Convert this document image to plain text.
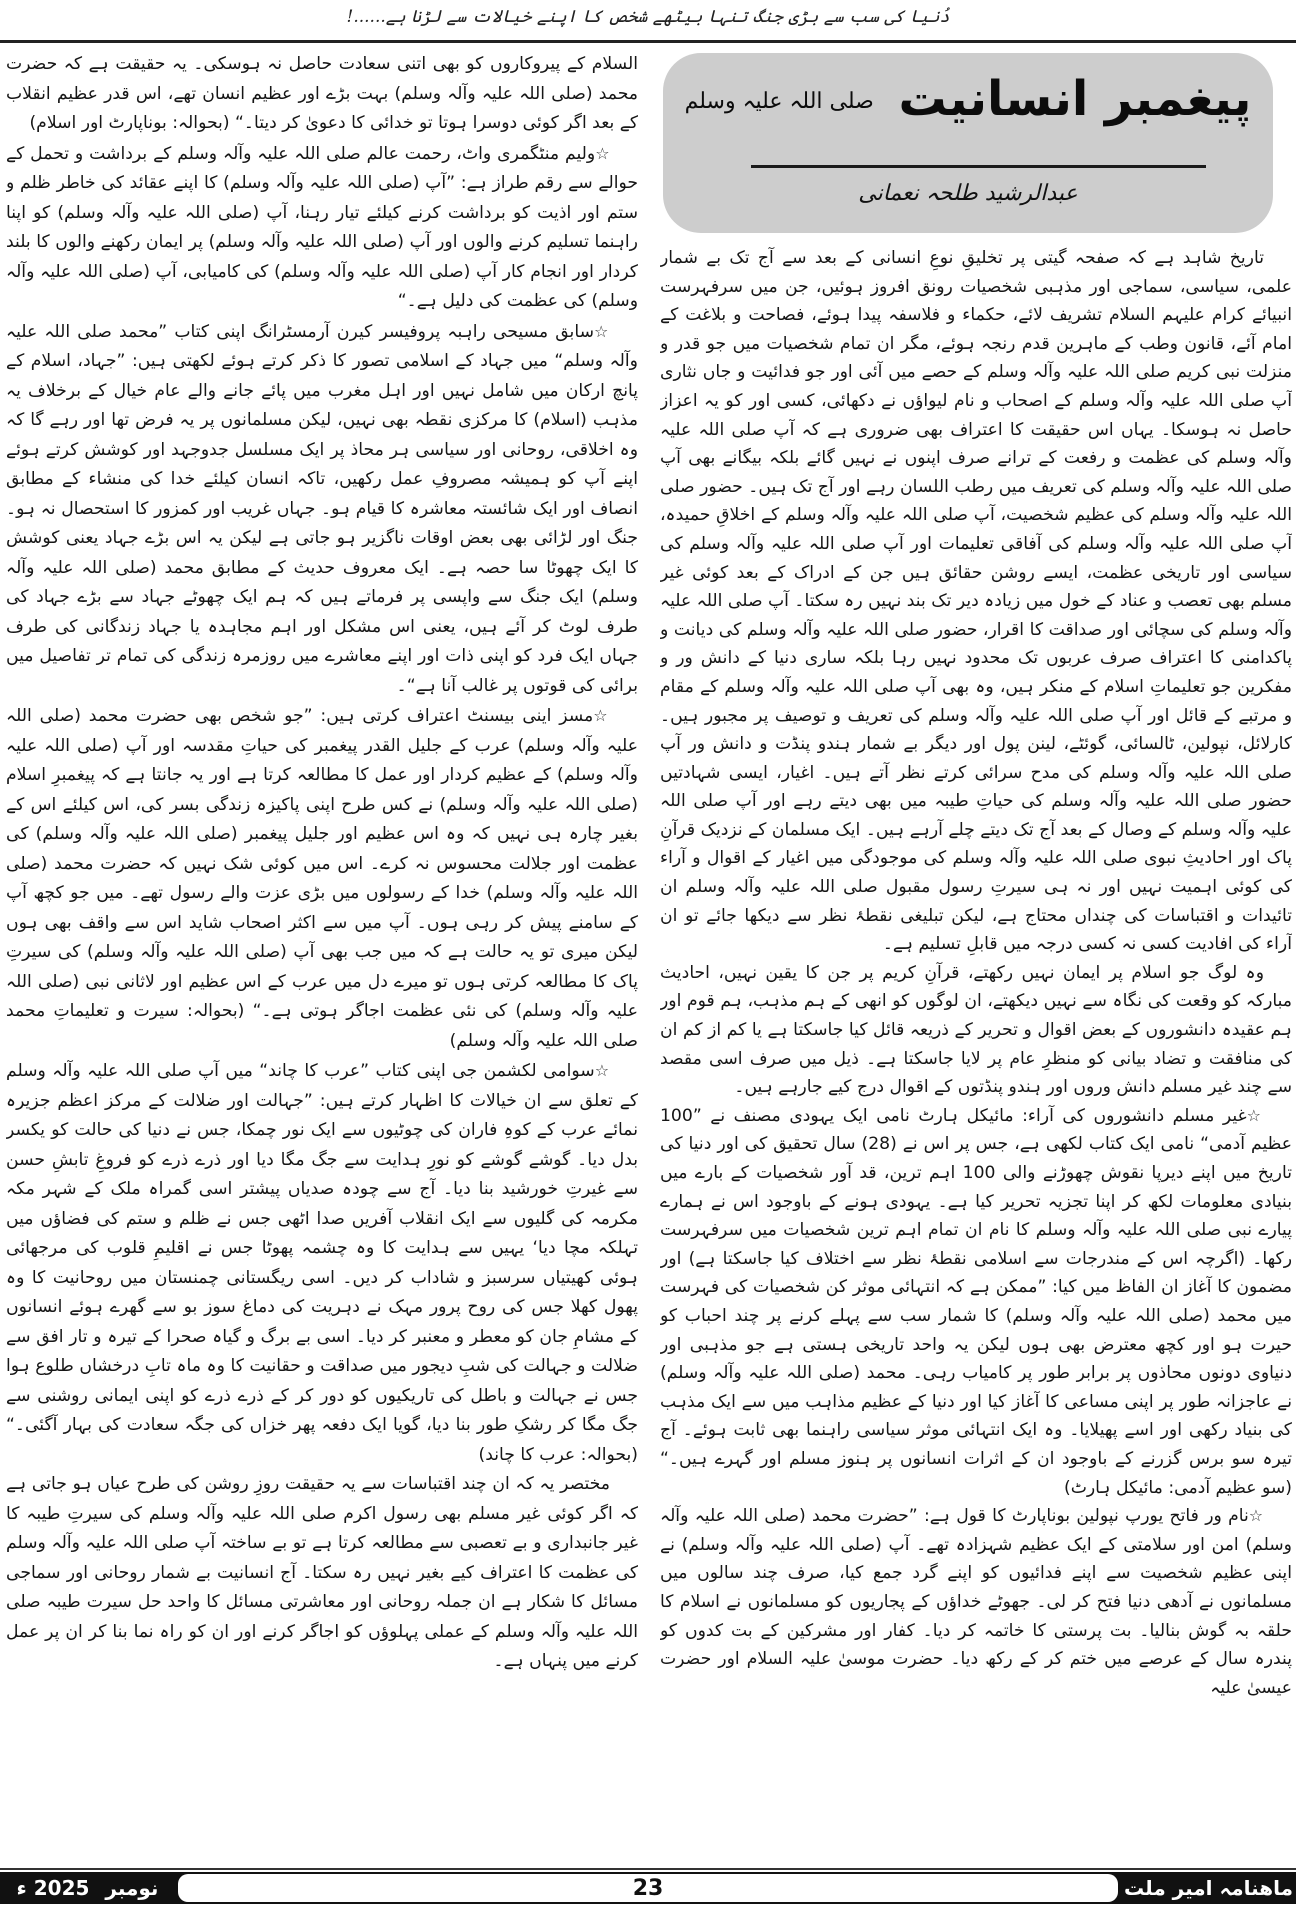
دُنیا کی سب سے بڑی جنگ تنہا بیٹھے شخص کا اپنے خیالات سے لڑنا ہے......!
پیغمبر انسانیت صلی اللہ علیہ وسلم
عبدالرشید طلحہ نعمانی

تاریخ شاہد ہے کہ صفحہ گیتی پر تخلیقِ نوعِ انسانی کے بعد سے آج تک بے شمار علمی، سیاسی، سماجی اور مذہبی شخصیات رونق افروز ہوئیں، جن میں سرفہرست انبیائے کرام علیہم السلام تشریف لائے، حکماء و فلاسفہ پیدا ہوئے، فصاحت و بلاغت کے امام آئے، قانون وطب کے ماہرین قدم رنجہ ہوئے، مگر ان تمام شخصیات میں جو قدر و منزلت نبی کریم صلی اللہ علیہ وآلہ وسلم کے حصے میں آئی اور جو فدائیت و جاں نثاری آپ صلی اللہ علیہ وآلہ وسلم کے اصحاب و نام لیواؤں نے دکھائی، کسی اور کو یہ اعزاز حاصل نہ ہوسکا۔ یہاں اس حقیقت کا اعتراف بھی ضروری ہے کہ آپ صلی اللہ علیہ وآلہ وسلم کی عظمت و رفعت کے ترانے صرف اپنوں نے نہیں گائے بلکہ بیگانے بھی آپ صلی اللہ علیہ وآلہ وسلم کی تعریف میں رطب اللسان رہے اور آج تک ہیں۔ حضور صلی اللہ علیہ وآلہ وسلم کی عظیم شخصیت، آپ صلی اللہ علیہ وآلہ وسلم کے اخلاقِ حمیدہ، آپ صلی اللہ علیہ وآلہ وسلم کی آفاقی تعلیمات اور آپ صلی اللہ علیہ وآلہ وسلم کی سیاسی اور تاریخی عظمت، ایسے روشن حقائق ہیں جن کے ادراک کے بعد کوئی غیر مسلم بھی تعصب و عناد کے خول میں زیادہ دیر تک بند نہیں رہ سکتا۔ آپ صلی اللہ علیہ وآلہ وسلم کی سچائی اور صداقت کا اقرار، حضور صلی اللہ علیہ وآلہ وسلم کی دیانت و پاکدامنی کا اعتراف صرف عربوں تک محدود نہیں رہا بلکہ ساری دنیا کے دانش ور و مفکرین جو تعلیماتِ اسلام کے منکر ہیں، وہ بھی آپ صلی اللہ علیہ وآلہ وسلم کے مقام و مرتبے کے قائل اور آپ صلی اللہ علیہ وآلہ وسلم کی تعریف و توصیف پر مجبور ہیں۔ کارلائل، نپولین، ٹالسائی، گوئٹے، لینن پول اور دیگر بے شمار ہندو پنڈت و دانش ور آپ صلی اللہ علیہ وآلہ وسلم کی مدح سرائی کرتے نظر آتے ہیں۔ اغیار، ایسی شہادتیں حضور صلی اللہ علیہ وآلہ وسلم کی حیاتِ طیبہ میں بھی دیتے رہے اور آپ صلی اللہ علیہ وآلہ وسلم کے وصال کے بعد آج تک دیتے چلے آرہے ہیں۔ ایک مسلمان کے نزدیک قرآنِ پاک اور احادیثِ نبوی صلی اللہ علیہ وآلہ وسلم کی موجودگی میں اغیار کے اقوال و آراء کی کوئی اہمیت نہیں اور نہ ہی سیرتِ رسول مقبول صلی اللہ علیہ وآلہ وسلم ان تائیدات و اقتباسات کی چنداں محتاج ہے، لیکن تبلیغی نقطۂ نظر سے دیکھا جائے تو ان آراء کی افادیت کسی نہ کسی درجہ میں قابلِ تسلیم ہے۔

وہ لوگ جو اسلام پر ایمان نہیں رکھتے، قرآنِ کریم پر جن کا یقین نہیں، احادیث مبارکہ کو وقعت کی نگاہ سے نہیں دیکھتے، ان لوگوں کو انھی کے ہم مذہب، ہم قوم اور ہم عقیدہ دانشوروں کے بعض اقوال و تحریر کے ذریعہ قائل کیا جاسکتا ہے یا کم از کم ان کی منافقت و تضاد بیانی کو منظرِ عام پر لایا جاسکتا ہے۔ ذیل میں صرف اسی مقصد سے چند غیر مسلم دانش وروں اور ہندو پنڈتوں کے اقوال درج کیے جارہے ہیں۔

☆غیر مسلم دانشوروں کی آراء: مائیکل ہارٹ نامی ایک یہودی مصنف نے ”100 عظیم آدمی“ نامی ایک کتاب لکھی ہے، جس پر اس نے (28) سال تحقیق کی اور دنیا کی تاریخ میں اپنے دیرپا نقوش چھوڑنے والی 100 اہم ترین، قد آور شخصیات کے بارے میں بنیادی معلومات لکھ کر اپنا تجزیہ تحریر کیا ہے۔ یہودی ہونے کے باوجود اس نے ہمارے پیارے نبی صلی اللہ علیہ وآلہ وسلم کا نام ان تمام اہم ترین شخصیات میں سرفہرست رکھا۔ (اگرچہ اس کے مندرجات سے اسلامی نقطۂ نظر سے اختلاف کیا جاسکتا ہے) اور مضمون کا آغاز ان الفاظ میں کیا: ”ممکن ہے کہ انتہائی موثر کن شخصیات کی فہرست میں محمد (صلی اللہ علیہ وآلہ وسلم) کا شمار سب سے پہلے کرنے پر چند احباب کو حیرت ہو اور کچھ معترض بھی ہوں لیکن یہ واحد تاریخی ہستی ہے جو مذہبی اور دنیاوی دونوں محاذوں پر برابر طور پر کامیاب رہی۔ محمد (صلی اللہ علیہ وآلہ وسلم) نے عاجزانہ طور پر اپنی مساعی کا آغاز کیا اور دنیا کے عظیم مذاہب میں سے ایک مذہب کی بنیاد رکھی اور اسے پھیلایا۔ وہ ایک انتہائی موثر سیاسی راہنما بھی ثابت ہوئے۔ آج تیرہ سو برس گزرنے کے باوجود ان کے اثرات انسانوں پر ہنوز مسلم اور گہرے ہیں۔“ (سو عظیم آدمی: مائیکل ہارٹ)

☆نام ور فاتح یورپ نپولین بوناپارٹ کا قول ہے: ”حضرت محمد (صلی اللہ علیہ وآلہ وسلم) امن اور سلامتی کے ایک عظیم شہزادہ تھے۔ آپ (صلی اللہ علیہ وآلہ وسلم) نے اپنی عظیم شخصیت سے اپنے فدائیوں کو اپنے گرد جمع کیا، صرف چند سالوں میں مسلمانوں نے آدھی دنیا فتح کر لی۔ جھوٹے خداؤں کے پجاریوں کو مسلمانوں نے اسلام کا حلقہ بہ گوش بنالیا۔ بت پرستی کا خاتمہ کر دیا۔ کفار اور مشرکین کے بت کدوں کو پندرہ سال کے عرصے میں ختم کر کے رکھ دیا۔ حضرت موسیٰ علیہ السلام اور حضرت عیسیٰ علیہ

السلام کے پیروکاروں کو بھی اتنی سعادت حاصل نہ ہوسکی۔ یہ حقیقت ہے کہ حضرت محمد (صلی اللہ علیہ وآلہ وسلم) بہت بڑے اور عظیم انسان تھے، اس قدر عظیم انقلاب کے بعد اگر کوئی دوسرا ہوتا تو خدائی کا دعویٰ کر دیتا۔“ (بحوالہ: بوناپارٹ اور اسلام)

☆ولیم منٹگمری واٹ، رحمت عالم صلی اللہ علیہ وآلہ وسلم کے برداشت و تحمل کے حوالے سے رقم طراز ہے: ”آپ (صلی اللہ علیہ وآلہ وسلم) کا اپنے عقائد کی خاطر ظلم و ستم اور اذیت کو برداشت کرنے کیلئے تیار رہنا، آپ (صلی اللہ علیہ وآلہ وسلم) کو اپنا راہنما تسلیم کرنے والوں اور آپ (صلی اللہ علیہ وآلہ وسلم) پر ایمان رکھنے والوں کا بلند کردار اور انجام کار آپ (صلی اللہ علیہ وآلہ وسلم) کی کامیابی، آپ (صلی اللہ علیہ وآلہ وسلم) کی عظمت کی دلیل ہے۔“

☆سابق مسیحی راہبہ پروفیسر کیرن آرمسٹرانگ اپنی کتاب ”محمد صلی اللہ علیہ وآلہ وسلم“ میں جہاد کے اسلامی تصور کا ذکر کرتے ہوئے لکھتی ہیں: ”جہاد، اسلام کے پانچ ارکان میں شامل نہیں اور اہل مغرب میں پائے جانے والے عام خیال کے برخلاف یہ مذہب (اسلام) کا مرکزی نقطہ بھی نہیں، لیکن مسلمانوں پر یہ فرض تھا اور رہے گا کہ وہ اخلاقی، روحانی اور سیاسی ہر محاذ پر ایک مسلسل جدوجہد اور کوشش کرتے ہوئے اپنے آپ کو ہمیشہ مصروفِ عمل رکھیں، تاکہ انسان کیلئے خدا کی منشاء کے مطابق انصاف اور ایک شائستہ معاشرہ کا قیام ہو۔ جہاں غریب اور کمزور کا استحصال نہ ہو۔ جنگ اور لڑائی بھی بعض اوقات ناگزیر ہو جاتی ہے لیکن یہ اس بڑے جہاد یعنی کوشش کا ایک چھوٹا سا حصہ ہے۔ ایک معروف حدیث کے مطابق محمد (صلی اللہ علیہ وآلہ وسلم) ایک جنگ سے واپسی پر فرماتے ہیں کہ ہم ایک چھوٹے جہاد سے بڑے جہاد کی طرف لوٹ کر آئے ہیں، یعنی اس مشکل اور اہم مجاہدہ یا جہاد زندگانی کی طرف جہاں ایک فرد کو اپنی ذات اور اپنے معاشرے میں روزمرہ زندگی کی تمام تر تفاصیل میں برائی کی قوتوں پر غالب آنا ہے“۔

☆مسز اینی بیسنٹ اعتراف کرتی ہیں: ”جو شخص بھی حضرت محمد (صلی اللہ علیہ وآلہ وسلم) عرب کے جلیل القدر پیغمبر کی حیاتِ مقدسہ اور آپ (صلی اللہ علیہ وآلہ وسلم) کے عظیم کردار اور عمل کا مطالعہ کرتا ہے اور یہ جانتا ہے کہ پیغمبرِ اسلام (صلی اللہ علیہ وآلہ وسلم) نے کس طرح اپنی پاکیزہ زندگی بسر کی، اس کیلئے اس کے بغیر چارہ ہی نہیں کہ وہ اس عظیم اور جلیل پیغمبر (صلی اللہ علیہ وآلہ وسلم) کی عظمت اور جلالت محسوس نہ کرے۔ اس میں کوئی شک نہیں کہ حضرت محمد (صلی اللہ علیہ وآلہ وسلم) خدا کے رسولوں میں بڑی عزت والے رسول تھے۔ میں جو کچھ آپ کے سامنے پیش کر رہی ہوں۔ آپ میں سے اکثر اصحاب شاید اس سے واقف بھی ہوں لیکن میری تو یہ حالت ہے کہ میں جب بھی آپ (صلی اللہ علیہ وآلہ وسلم) کی سیرتِ پاک کا مطالعہ کرتی ہوں تو میرے دل میں عرب کے اس عظیم اور لاثانی نبی (صلی اللہ علیہ وآلہ وسلم) کی نئی عظمت اجاگر ہوتی ہے۔“ (بحوالہ: سیرت و تعلیماتِ محمد صلی اللہ علیہ وآلہ وسلم)

☆سوامی لکشمن جی اپنی کتاب ”عرب کا چاند“ میں آپ صلی اللہ علیہ وآلہ وسلم کے تعلق سے ان خیالات کا اظہار کرتے ہیں: ”جہالت اور ضلالت کے مرکز اعظم جزیرہ نمائے عرب کے کوہِ فاران کی چوٹیوں سے ایک نور چمکا، جس نے دنیا کی حالت کو یکسر بدل دیا۔ گوشے گوشے کو نورِ ہدایت سے جگ مگا دیا اور ذرے ذرے کو فروغِ تابشِ حسن سے غیرتِ خورشید بنا دیا۔ آج سے چودہ صدیاں پیشتر اسی گمراہ ملک کے شہر مکہ مکرمہ کی گلیوں سے ایک انقلاب آفریں صدا اٹھی جس نے ظلم و ستم کی فضاؤں میں تہلکہ مچا دیا‘ یہیں سے ہدایت کا وہ چشمہ پھوٹا جس نے اقلیمِ قلوب کی مرجھائی ہوئی کھیتیاں سرسبز و شاداب کر دیں۔ اسی ریگستانی چمنستان میں روحانیت کا وہ پھول کھلا جس کی روح پرور مہک نے دہریت کی دماغ سوز بو سے گھرے ہوئے انسانوں کے مشامِ جان کو معطر و معنبر کر دیا۔ اسی بے برگ و گیاہ صحرا کے تیرہ و تار افق سے ضلالت و جہالت کی شبِ دیجور میں صداقت و حقانیت کا وہ ماہ تابِ درخشاں طلوع ہوا جس نے جہالت و باطل کی تاریکیوں کو دور کر کے ذرے ذرے کو اپنی ایمانی روشنی سے جگ مگا کر رشکِ طور بنا دیا، گویا ایک دفعہ پھر خزاں کی جگہ سعادت کی بہار آگئی۔“ (بحوالہ: عرب کا چاند)

مختصر یہ کہ ان چند اقتباسات سے یہ حقیقت روزِ روشن کی طرح عیاں ہو جاتی ہے کہ اگر کوئی غیر مسلم بھی رسول اکرم صلی اللہ علیہ وآلہ وسلم کی سیرتِ طیبہ کا غیر جانبداری و بے تعصبی سے مطالعہ کرتا ہے تو بے ساختہ آپ صلی اللہ علیہ وآلہ وسلم کی عظمت کا اعتراف کیے بغیر نہیں رہ سکتا۔ آج انسانیت بے شمار روحانی اور سماجی مسائل کا شکار ہے ان جملہ روحانی اور معاشرتی مسائل کا واحد حل سیرت طیبہ صلی اللہ علیہ وآلہ وسلم کے عملی پہلوؤں کو اجاگر کرنے اور ان کو راہ نما بنا کر ان پر عمل کرنے میں پنہاں ہے۔

نومبر
2025 ء	23	ماھنامہ امیر ملت
